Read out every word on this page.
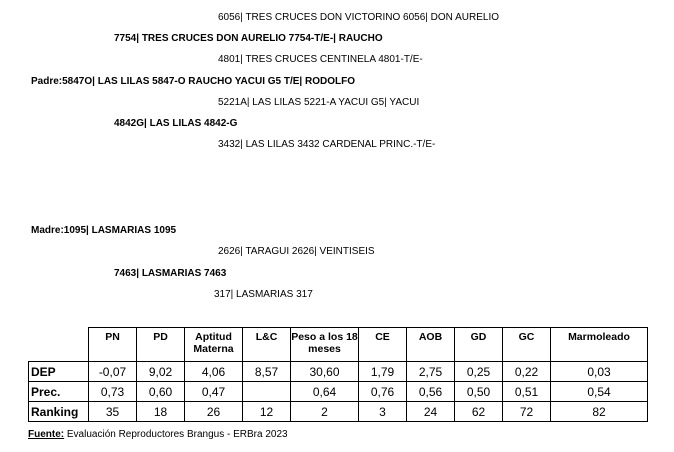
6056| TRES CRUCES DON VICTORINO 6056| DON AURELIO
7754| TRES CRUCES DON AURELIO 7754-T/E-| RAUCHO
4801| TRES CRUCES CENTINELA 4801-T/E-
Padre:5847O| LAS LILAS 5847-O RAUCHO YACUI G5 T/E| RODOLFO
5221A| LAS LILAS 5221-A YACUI G5| YACUI
4842G| LAS LILAS 4842-G
3432| LAS LILAS 3432 CARDENAL PRINC.-T/E-
Madre:1095| LASMARIAS 1095
2626| TARAGUI 2626| VEINTISEIS
7463| LASMARIAS 7463
317| LASMARIAS 317
	PN	PD	Aptitud Materna	L&C	Peso a los 18 meses	CE	AOB	GD	GC	Marmoleado
DEP	-0,07	9,02	4,06	8,57	30,60	1,79	2,75	0,25	0,22	0,03
Prec.	0,73	0,60	0,47		0,64	0,76	0,56	0,50	0,51	0,54
Ranking	35	18	26	12	2	3	24	62	72	82
Fuente: Evaluación Reproductores Brangus - ERBra 2023
